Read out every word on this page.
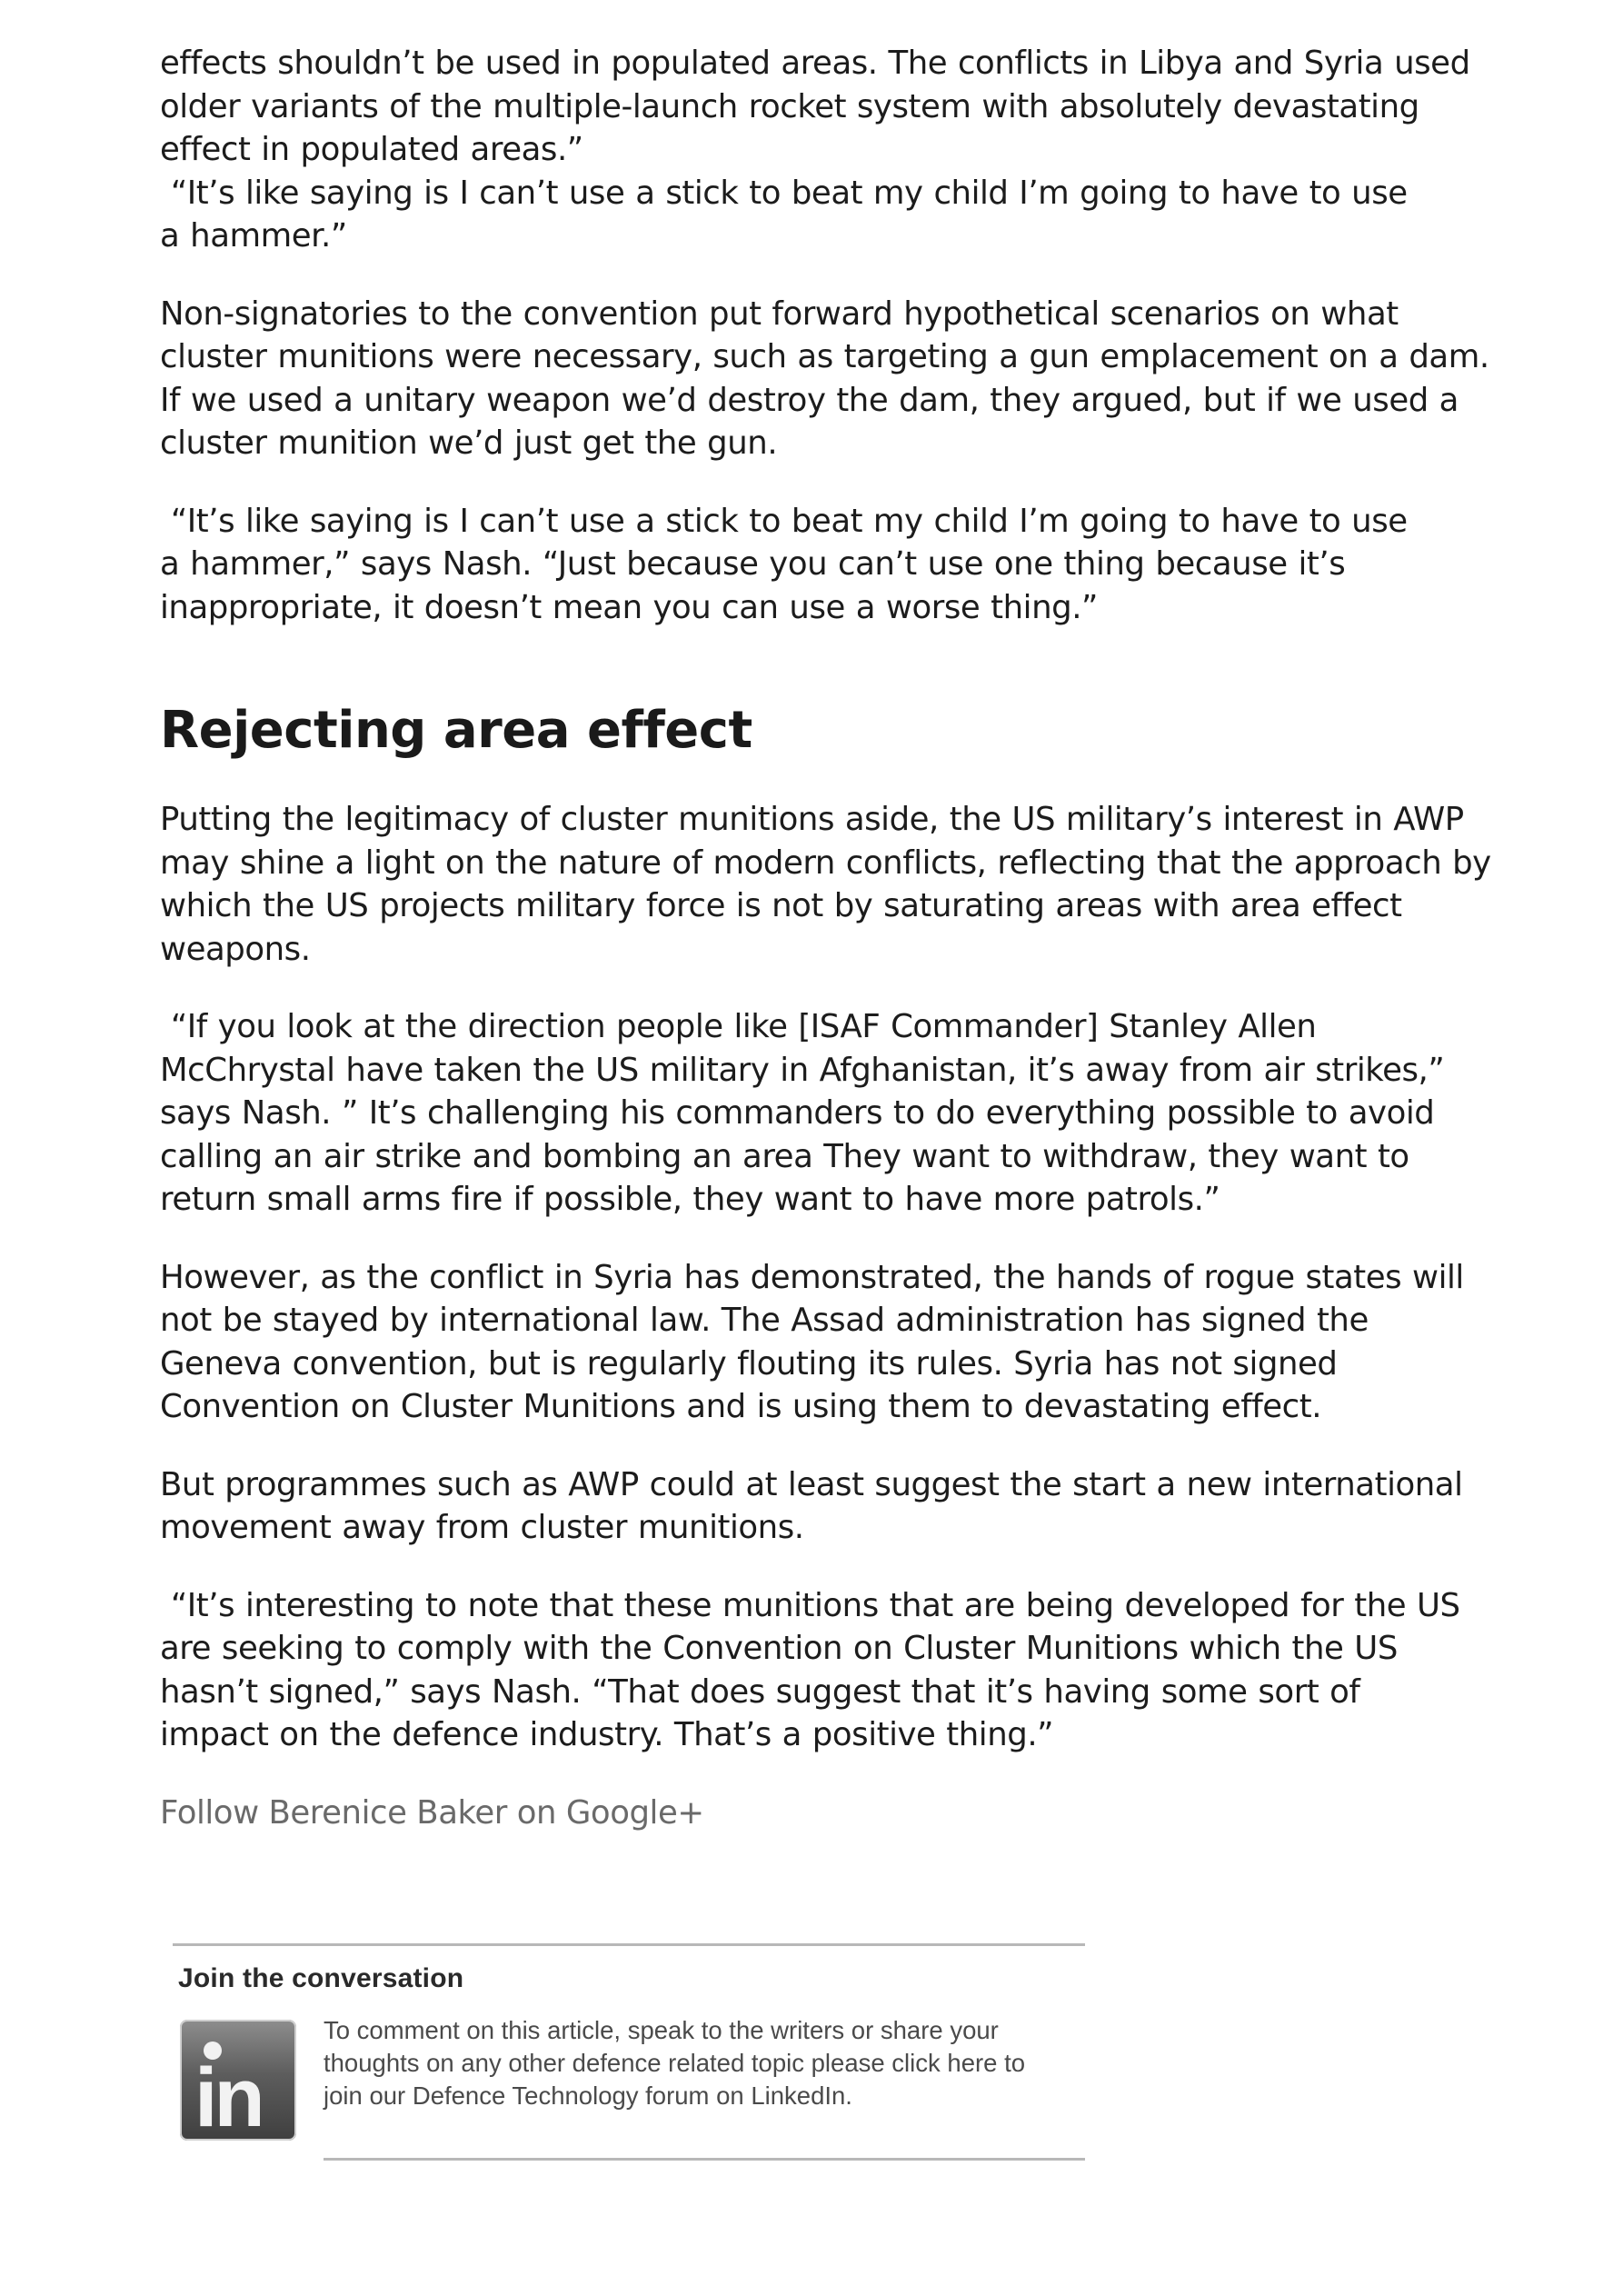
effects shouldn’t be used in populated areas. The conflicts in Libya and Syria used
older variants of the multiple-launch rocket system with absolutely devastating
effect in populated areas.”
“It’s like saying is I can’t use a stick to beat my child I’m going to have to use
a hammer.”

Non-signatories to the convention put forward hypothetical scenarios on what
cluster munitions were necessary, such as targeting a gun emplacement on a dam.
If we used a unitary weapon we’d destroy the dam, they argued, but if we used a
cluster munition we’d just get the gun.

“It’s like saying is I can’t use a stick to beat my child I’m going to have to use
a hammer,” says Nash. “Just because you can’t use one thing because it’s
inappropriate, it doesn’t mean you can use a worse thing.”

Rejecting area effect

Putting the legitimacy of cluster munitions aside, the US military’s interest in AWP
may shine a light on the nature of modern conflicts, reflecting that the approach by
which the US projects military force is not by saturating areas with area effect
weapons.

“If you look at the direction people like [ISAF Commander] Stanley Allen
McChrystal have taken the US military in Afghanistan, it’s away from air strikes,”
says Nash. ” It’s challenging his commanders to do everything possible to avoid
calling an air strike and bombing an area They want to withdraw, they want to
return small arms fire if possible, they want to have more patrols.”

However, as the conflict in Syria has demonstrated, the hands of rogue states will
not be stayed by international law. The Assad administration has signed the
Geneva convention, but is regularly flouting its rules. Syria has not signed
Convention on Cluster Munitions and is using them to devastating effect.

But programmes such as AWP could at least suggest the start a new international
movement away from cluster munitions.

“It’s interesting to note that these munitions that are being developed for the US
are seeking to comply with the Convention on Cluster Munitions which the US
hasn’t signed,” says Nash. “That does suggest that it’s having some sort of
impact on the defence industry. That’s a positive thing.”

Follow Berenice Baker on Google+

Join the conversation
in

To comment on this article, speak to the writers or share your thoughts on any other defence related topic please click here to join our Defence Technology forum on LinkedIn.
